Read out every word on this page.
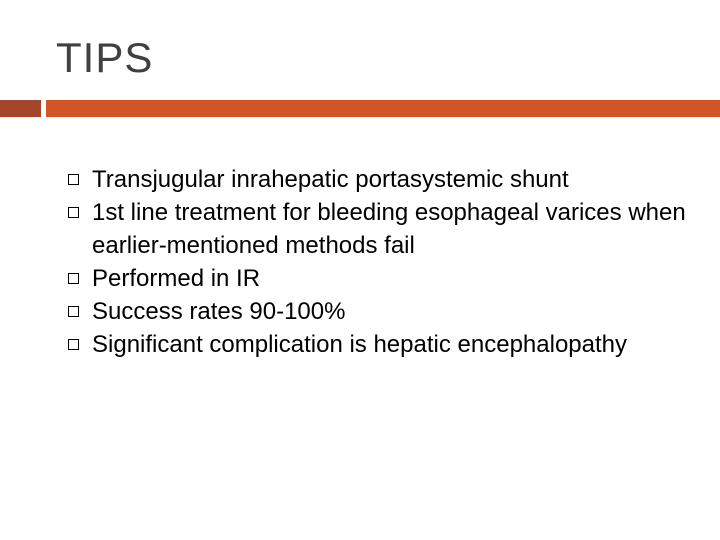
TIPS
Transjugular inrahepatic portasystemic shunt
1st line treatment for bleeding esophageal varices when earlier-mentioned methods fail
Performed in IR
Success rates 90-100%
Significant complication is hepatic encephalopathy
